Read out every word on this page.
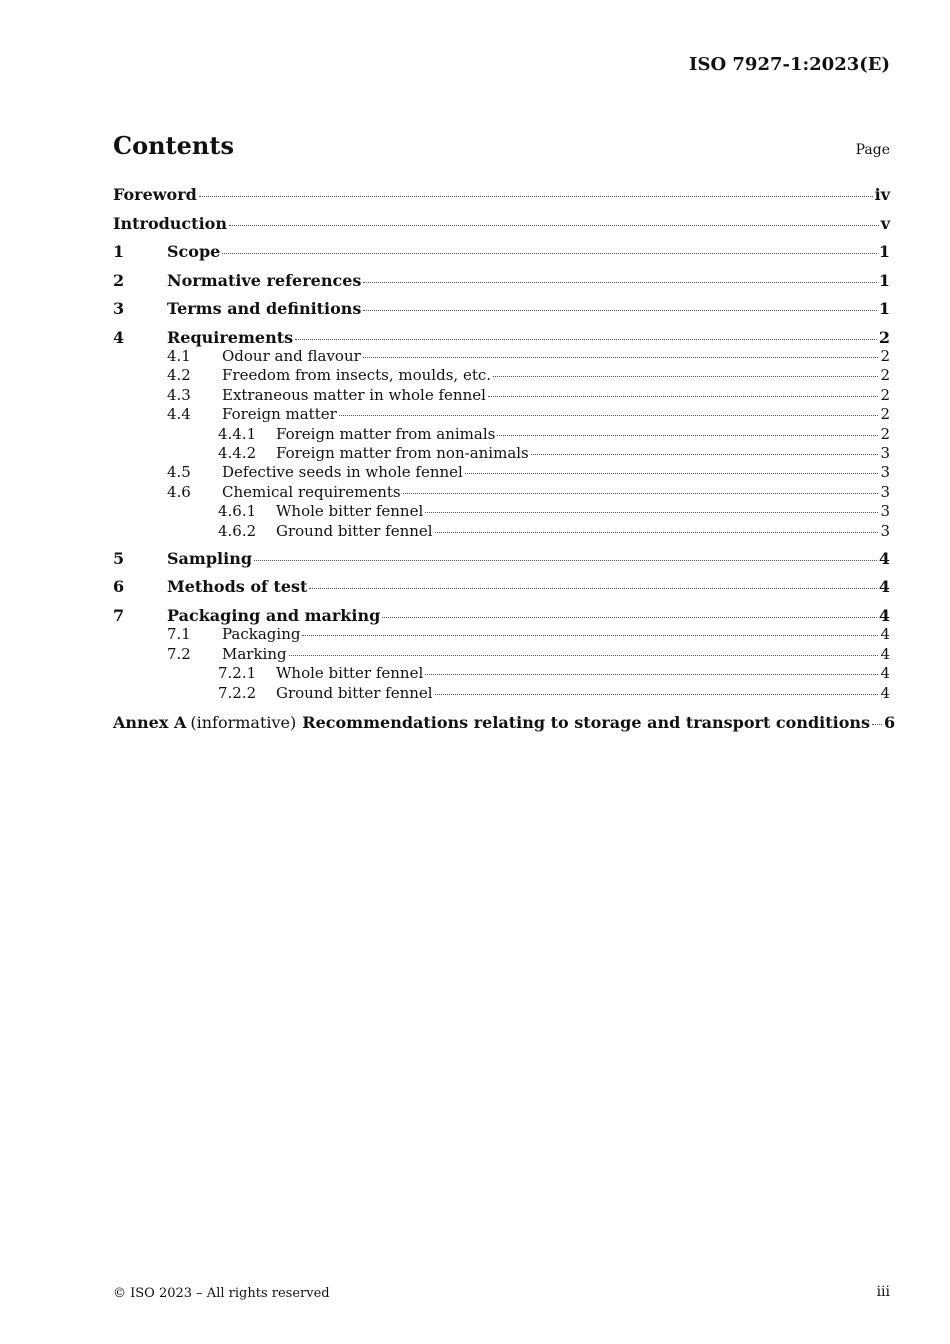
ISO 7927-1:2023(E)
Contents	Page
Foreword	iv
Introduction	v
1	Scope	1
2	Normative references	1
3	Terms and definitions	1
4	Requirements	2
4.1	Odour and flavour	2
4.2	Freedom from insects, moulds, etc.	2
4.3	Extraneous matter in whole fennel	2
4.4	Foreign matter	2
4.4.1	Foreign matter from animals	2
4.4.2	Foreign matter from non-animals	3
4.5	Defective seeds in whole fennel	3
4.6	Chemical requirements	3
4.6.1	Whole bitter fennel	3
4.6.2	Ground bitter fennel	3
5	Sampling	4
6	Methods of test	4
7	Packaging and marking	4
7.1	Packaging	4
7.2	Marking	4
7.2.1	Whole bitter fennel	4
7.2.2	Ground bitter fennel	4
Annex A (informative) Recommendations relating to storage and transport conditions 6
© ISO 2023 – All rights reserved	iii
